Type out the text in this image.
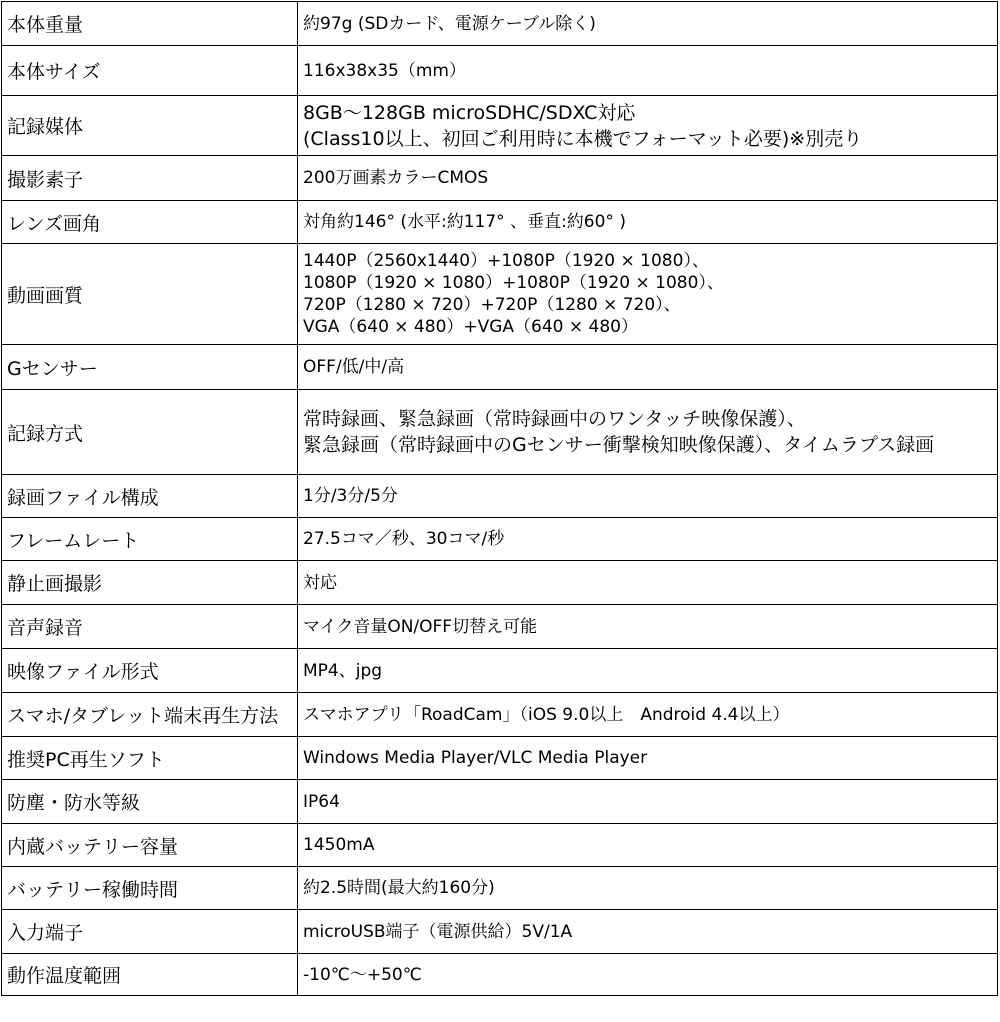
本体重量	約97g (SDカード、電源ケーブル除く)

本体サイズ	116x38x35（mm）

記録媒体	8GB〜128GB microSDHC/SDXC対応
(Class10以上、初回ご利用時に本機でフォーマット必要)※別売り

撮影素子	200万画素カラーCMOS

レンズ画角	対角約146° (水平:約117° 、垂直:約60° )

動画画質	1440P（2560x1440）+1080P（1920 × 1080）、
1080P（1920 × 1080）+1080P（1920 × 1080）、
720P（1280 × 720）+720P（1280 × 720）、
VGA（640 × 480）+VGA（640 × 480）

Gセンサー	OFF/低/中/高

記録方式	常時録画、緊急録画（常時録画中のワンタッチ映像保護）、
緊急録画（常時録画中のGセンサー衝撃検知映像保護）、タイムラプス録画

録画ファイル構成	1分/3分/5分

フレームレート	27.5コマ／秒、30コマ/秒

静止画撮影	対応

音声録音	マイク音量ON/OFF切替え可能

映像ファイル形式	MP4、jpg

スマホ/タブレット端末再生方法	スマホアプリ「RoadCam」（iOS 9.0以上　Android 4.4以上）

推奨PC再生ソフト	Windows Media Player/VLC Media Player

防塵・防水等級	IP64

内蔵バッテリー容量	1450mA

バッテリー稼働時間	約2.5時間(最大約160分)

入力端子	microUSB端子（電源供給）5V/1A

動作温度範囲	-10℃〜+50℃
